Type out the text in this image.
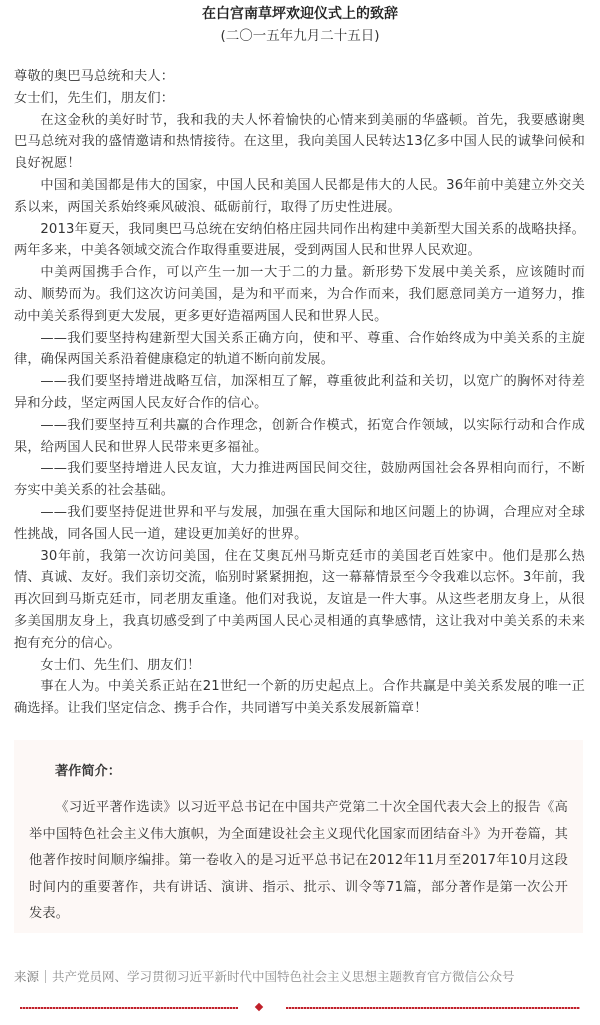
在白宫南草坪欢迎仪式上的致辞
(二〇一五年九月二十五日)

尊敬的奥巴马总统和夫人：

女士们，先生们，朋友们：

在这金秋的美好时节，我和我的夫人怀着愉快的心情来到美丽的华盛顿。首先，我要感谢奥巴马总统对我的盛情邀请和热情接待。在这里，我向美国人民转达13亿多中国人民的诚挚问候和良好祝愿！

中国和美国都是伟大的国家，中国人民和美国人民都是伟大的人民。36年前中美建立外交关系以来，两国关系始终乘风破浪、砥砺前行，取得了历史性进展。

2013年夏天，我同奥巴马总统在安纳伯格庄园共同作出构建中美新型大国关系的战略抉择。两年多来，中美各领域交流合作取得重要进展，受到两国人民和世界人民欢迎。

中美两国携手合作，可以产生一加一大于二的力量。新形势下发展中美关系，应该随时而动、顺势而为。我们这次访问美国，是为和平而来，为合作而来，我们愿意同美方一道努力，推动中美关系得到更大发展，更多更好造福两国人民和世界人民。

——我们要坚持构建新型大国关系正确方向，使和平、尊重、合作始终成为中美关系的主旋律，确保两国关系沿着健康稳定的轨道不断向前发展。

——我们要坚持增进战略互信，加深相互了解，尊重彼此利益和关切，以宽广的胸怀对待差异和分歧，坚定两国人民友好合作的信心。

——我们要坚持互利共赢的合作理念，创新合作模式，拓宽合作领域，以实际行动和合作成果，给两国人民和世界人民带来更多福祉。

——我们要坚持增进人民友谊，大力推进两国民间交往，鼓励两国社会各界相向而行，不断夯实中美关系的社会基础。

——我们要坚持促进世界和平与发展，加强在重大国际和地区问题上的协调，合理应对全球性挑战，同各国人民一道，建设更加美好的世界。

30年前，我第一次访问美国，住在艾奥瓦州马斯克廷市的美国老百姓家中。他们是那么热情、真诚、友好。我们亲切交流，临别时紧紧拥抱，这一幕幕情景至今令我难以忘怀。3年前，我再次回到马斯克廷市，同老朋友重逢。他们对我说，友谊是一件大事。从这些老朋友身上，从很多美国朋友身上，我真切感受到了中美两国人民心灵相通的真挚感情，这让我对中美关系的未来抱有充分的信心。

女士们、先生们、朋友们！

事在人为。中美关系正站在21世纪一个新的历史起点上。合作共赢是中美关系发展的唯一正确选择。让我们坚定信念、携手合作，共同谱写中美关系发展新篇章！

著作简介：

《习近平著作选读》以习近平总书记在中国共产党第二十次全国代表大会上的报告《高举中国特色社会主义伟大旗帜，为全面建设社会主义现代化国家而团结奋斗》为开卷篇，其他著作按时间顺序编排。第一卷收入的是习近平总书记在2012年11月至2017年10月这段时间内的重要著作，共有讲话、演讲、指示、批示、训令等71篇，部分著作是第一次公开发表。

来源 共产党员网、学习贯彻习近平新时代中国特色社会主义思想主题教育官方微信公众号
